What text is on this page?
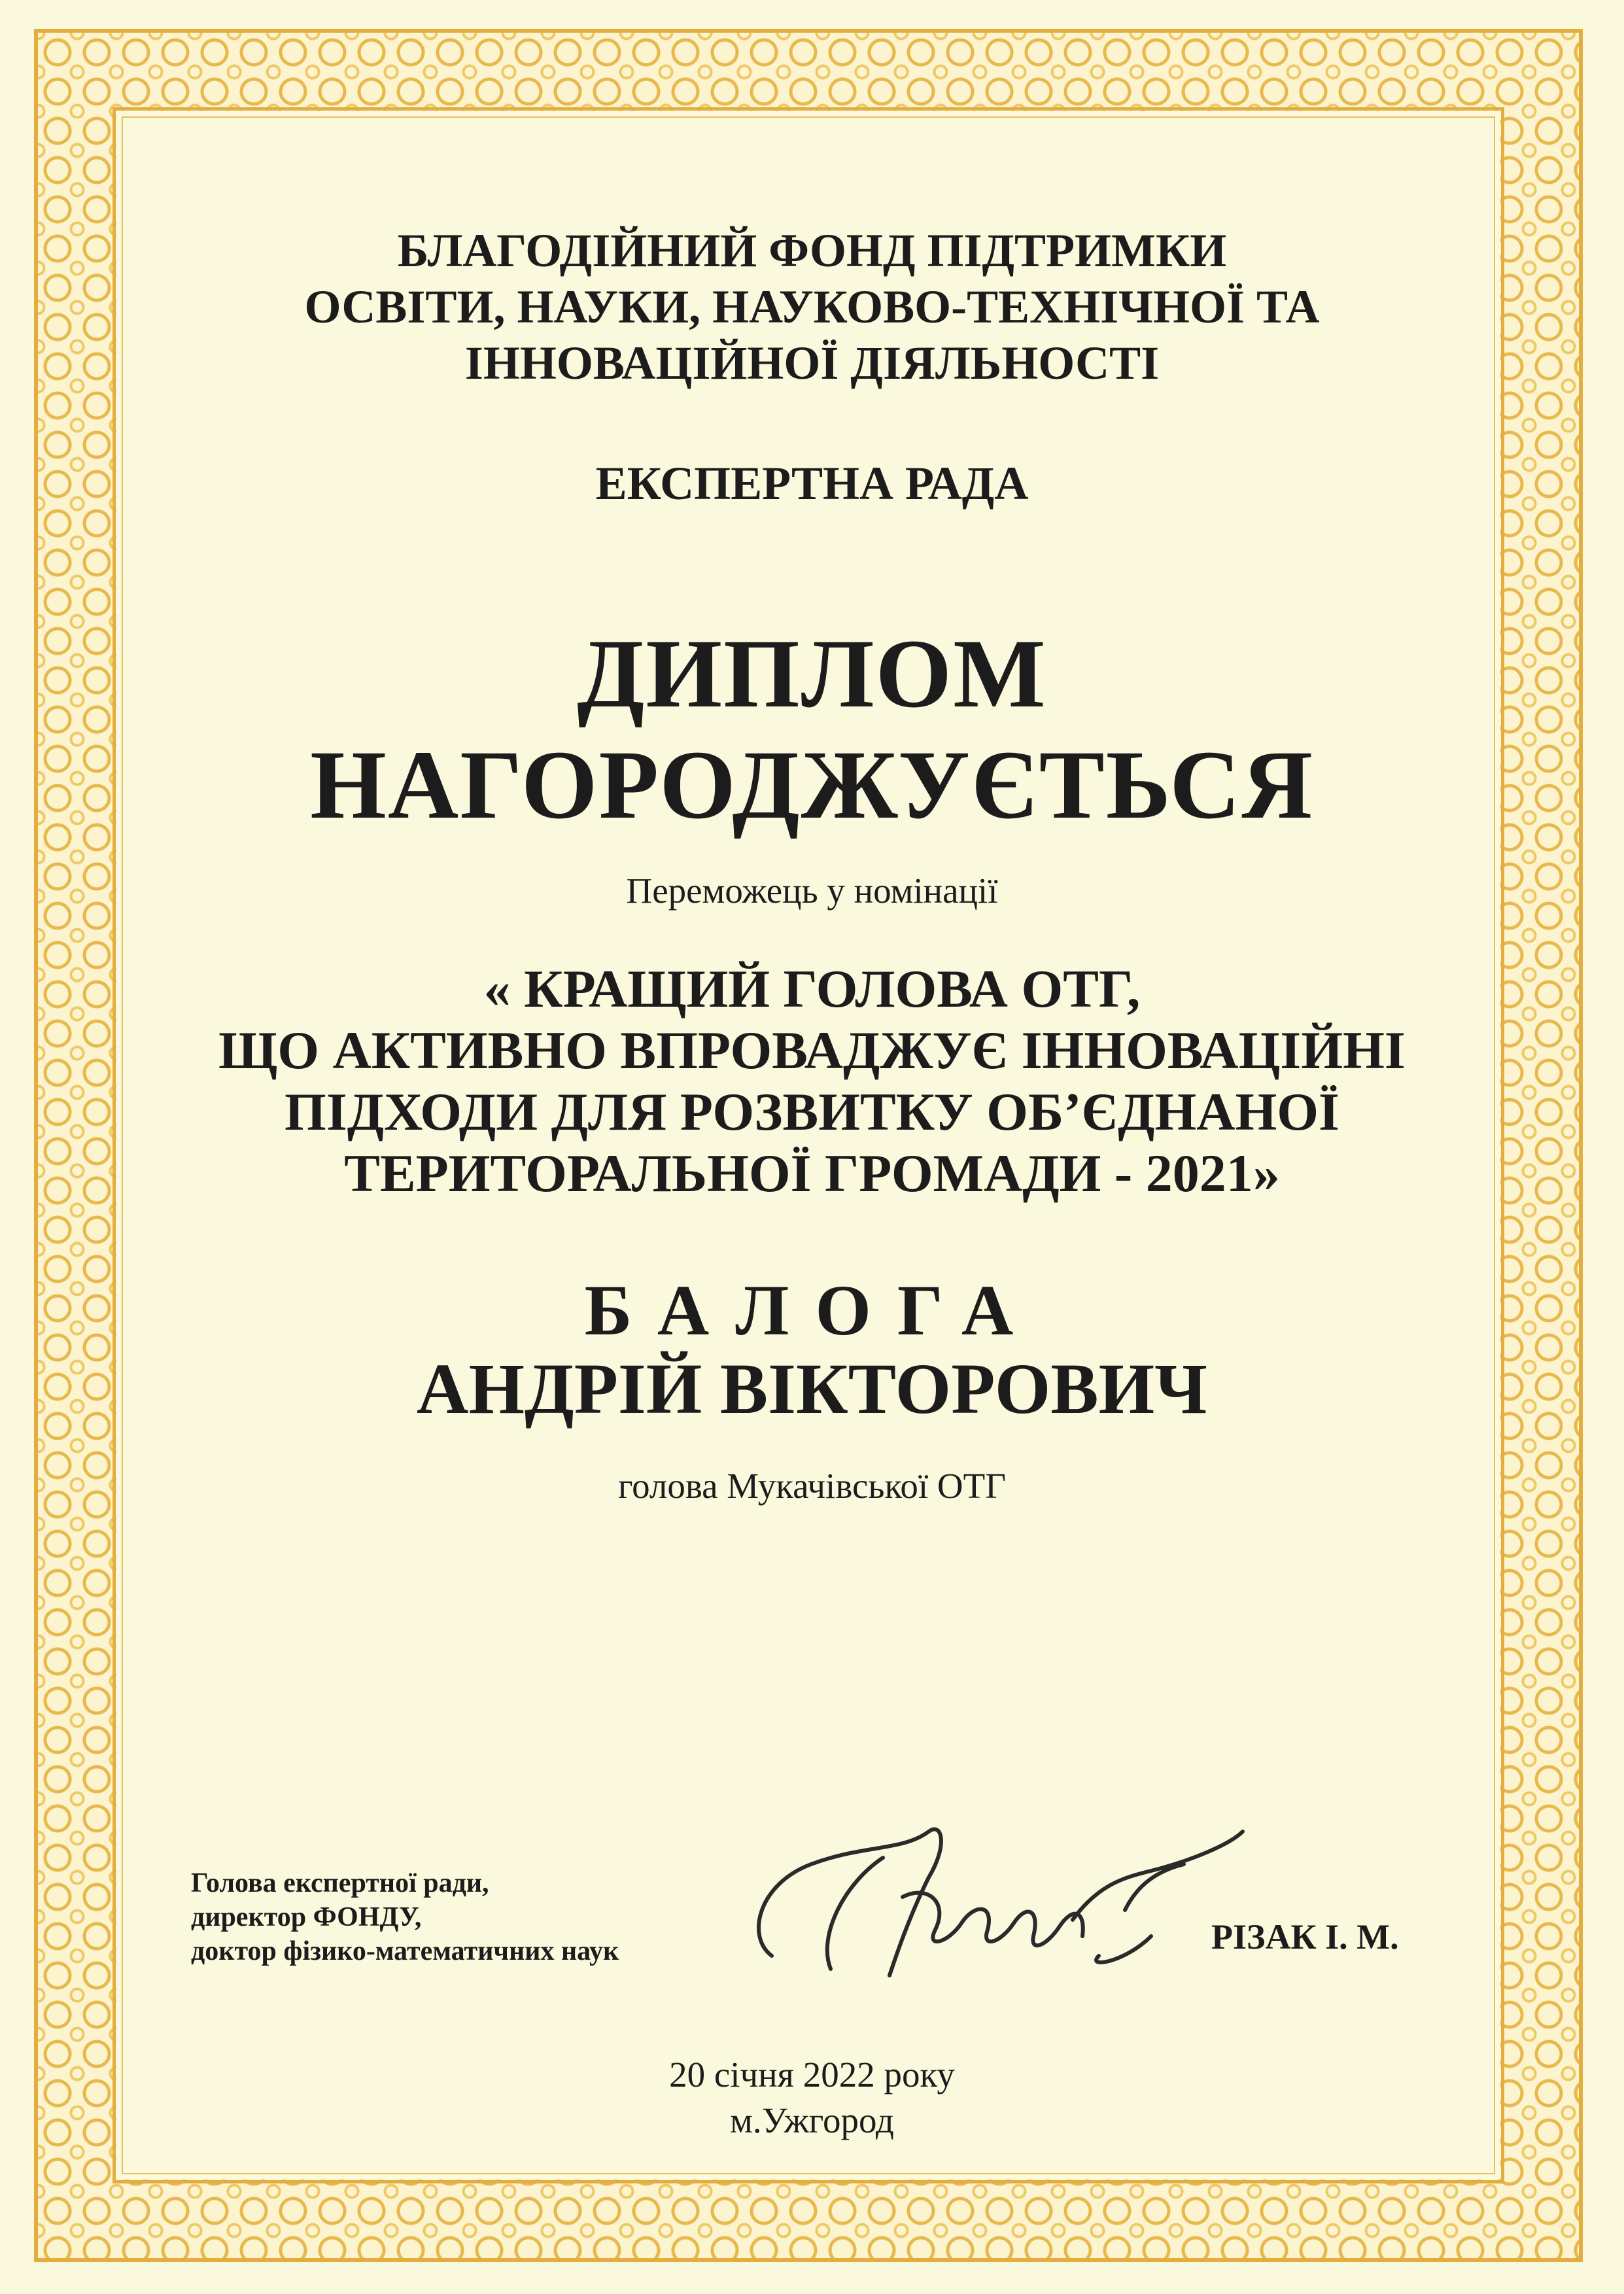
БЛАГОДІЙНИЙ ФОНД ПІДТРИМКИ
ОСВІТИ, НАУКИ, НАУКОВО-ТЕХНІЧНОЇ ТА
ІННОВАЦІЙНОЇ ДІЯЛЬНОСТІ
ЕКСПЕРТНА РАДА
ДИПЛОМ
НАГОРОДЖУЄТЬСЯ
Переможець у номінації
« КРАЩИЙ ГОЛОВА ОТГ,
ЩО АКТИВНО ВПРОВАДЖУЄ ІННОВАЦІЙНІ
ПІДХОДИ ДЛЯ РОЗВИТКУ ОБ’ЄДНАНОЇ
ТЕРИТОРАЛЬНОЇ ГРОМАДИ - 2021»
БАЛОГА
АНДРІЙ ВІКТОРОВИЧ
голова Мукачівської ОТГ
Голова експертної ради,
директор ФОНДУ,
доктор фізико-математичних наук	РІЗАК І. М.
20 січня 2022 року
м.Ужгород
